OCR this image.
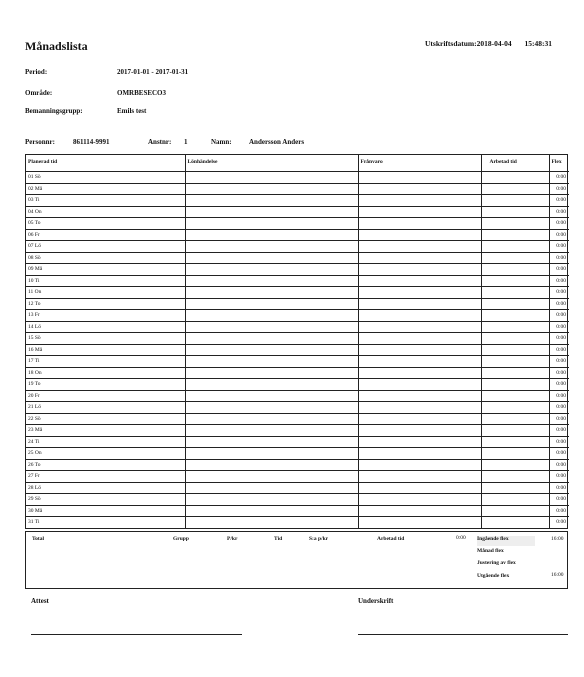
Månadslista	Utskriftsdatum:2018-04-04 15:48:31
Period:	2017-01-01 - 2017-01-31
Område:	OMRBESECO3
Bemanningsgrupp:	Emils test
Personnr:	861114-9991	Anstnr: 1	Namn: Andersson Anders
Planerad tid	Lönhändelse	Frånvaro	Arbetad tid	Flex
01 Sö				0:00
02 Må				0:00
03 Ti				0:00
04 On				0:00
05 To				0:00
06 Fr				0:00
07 Lö				0:00
08 Sö				0:00
09 Må				0:00
10 Ti				0:00
11 On				0:00
12 To				0:00
13 Fr				0:00
14 Lö				0:00
15 Sö				0:00
16 Må				0:00
17 Ti				0:00
18 On				0:00
19 To				0:00
20 Fr				0:00
21 Lö				0:00
22 Sö				0:00
23 Må				0:00
24 Ti				0:00
25 On				0:00
26 To				0:00
27 Fr				0:00
28 Lö				0:00
29 Sö				0:00
30 Må				0:00
31 Ti				0:00
Total	Grupp	P/kr	Tid	S:a p/kr	Arbetad tid	0:00 Ingående flex	16:00
Månad flex
Justering av flex
Utgående flex	16:00
Attest	Underskrift
